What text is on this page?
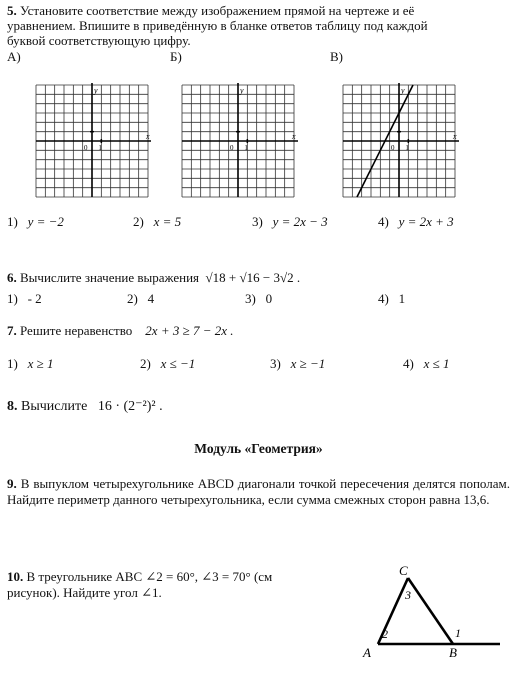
5. Установите соответствие между изображением прямой на чертеже и её
уравнением. Впишите в приведённую в бланке ответов таблицу под каждой
буквой соответствующую цифру.
А)	Б)	В)
y
x
0 1
y
x
0 1
y
x
0 1
1) y = −2	2) x = 5	3) y = 2x − 3	4) y = 2x + 3
6. Вычислите значение выражения √18 + √16 − 3√2 .
1) - 2	2) 4	3) 0	4) 1
7. Решите неравенство 2x + 3 ≥ 7 − 2x .
1) x ≥ 1	2) x ≤ −1	3) x ≥ −1	4) x ≤ 1
8. Вычислите 16 · (2⁻²)² .
Модуль «Геометрия»
9. В выпуклом четырехугольнике ABCD диагонали точкой пересечения делятся пополам. Найдите периметр данного четырехугольника, если сумма смежных сторон равна 13,6.
10. В треугольнике ABC ∠2 = 60°, ∠3 = 70° (см
рисунок). Найдите угол ∠1.
C
A	B
2
3
1
